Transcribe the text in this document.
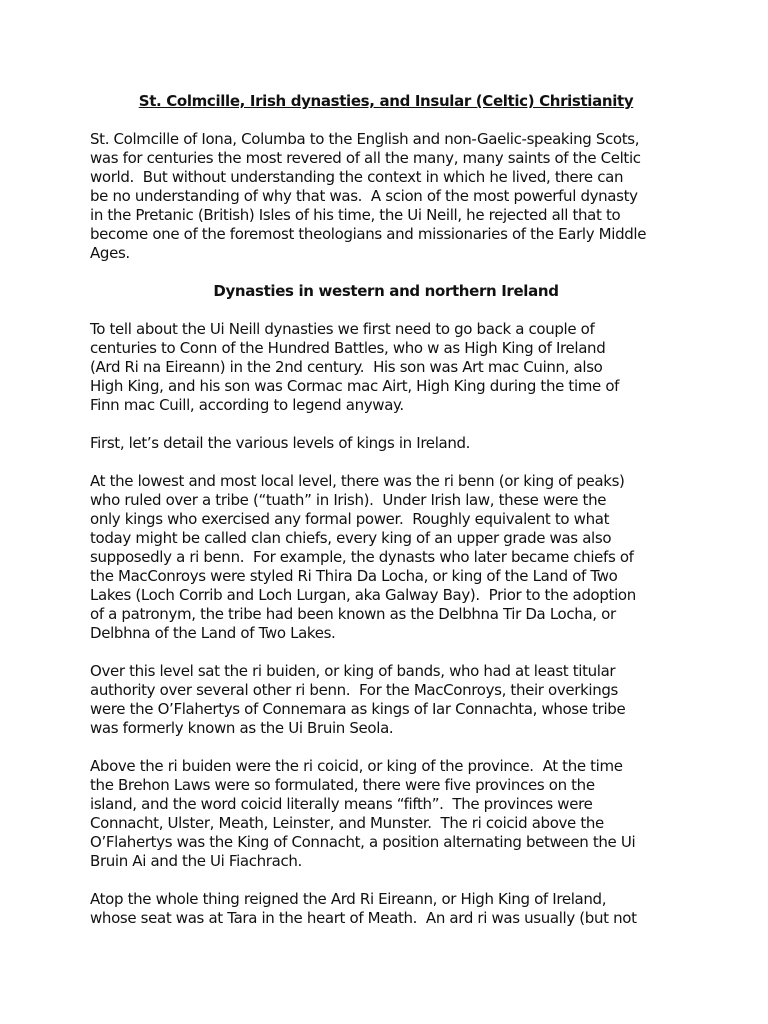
St. Colmcille, Irish dynasties, and Insular (Celtic) Christianity

St. Colmcille of Iona, Columba to the English and non-Gaelic-speaking Scots,
was for centuries the most revered of all the many, many saints of the Celtic
world.  But without understanding the context in which he lived, there can
be no understanding of why that was.  A scion of the most powerful dynasty
in the Pretanic (British) Isles of his time, the Ui Neill, he rejected all that to
become one of the foremost theologians and missionaries of the Early Middle
Ages.

Dynasties in western and northern Ireland

To tell about the Ui Neill dynasties we first need to go back a couple of
centuries to Conn of the Hundred Battles, who w as High King of Ireland
(Ard Ri na Eireann) in the 2nd century.  His son was Art mac Cuinn, also
High King, and his son was Cormac mac Airt, High King during the time of
Finn mac Cuill, according to legend anyway.

First, let’s detail the various levels of kings in Ireland.

At the lowest and most local level, there was the ri benn (or king of peaks)
who ruled over a tribe (“tuath” in Irish).  Under Irish law, these were the
only kings who exercised any formal power.  Roughly equivalent to what
today might be called clan chiefs, every king of an upper grade was also
supposedly a ri benn.  For example, the dynasts who later became chiefs of
the MacConroys were styled Ri Thira Da Locha, or king of the Land of Two
Lakes (Loch Corrib and Loch Lurgan, aka Galway Bay).  Prior to the adoption
of a patronym, the tribe had been known as the Delbhna Tir Da Locha, or
Delbhna of the Land of Two Lakes.

Over this level sat the ri buiden, or king of bands, who had at least titular
authority over several other ri benn.  For the MacConroys, their overkings
were the O’Flahertys of Connemara as kings of Iar Connachta, whose tribe
was formerly known as the Ui Bruin Seola.

Above the ri buiden were the ri coicid, or king of the province.  At the time
the Brehon Laws were so formulated, there were five provinces on the
island, and the word coicid literally means “fifth”.  The provinces were
Connacht, Ulster, Meath, Leinster, and Munster.  The ri coicid above the
O’Flahertys was the King of Connacht, a position alternating between the Ui
Bruin Ai and the Ui Fiachrach.

Atop the whole thing reigned the Ard Ri Eireann, or High King of Ireland,
whose seat was at Tara in the heart of Meath.  An ard ri was usually (but not
